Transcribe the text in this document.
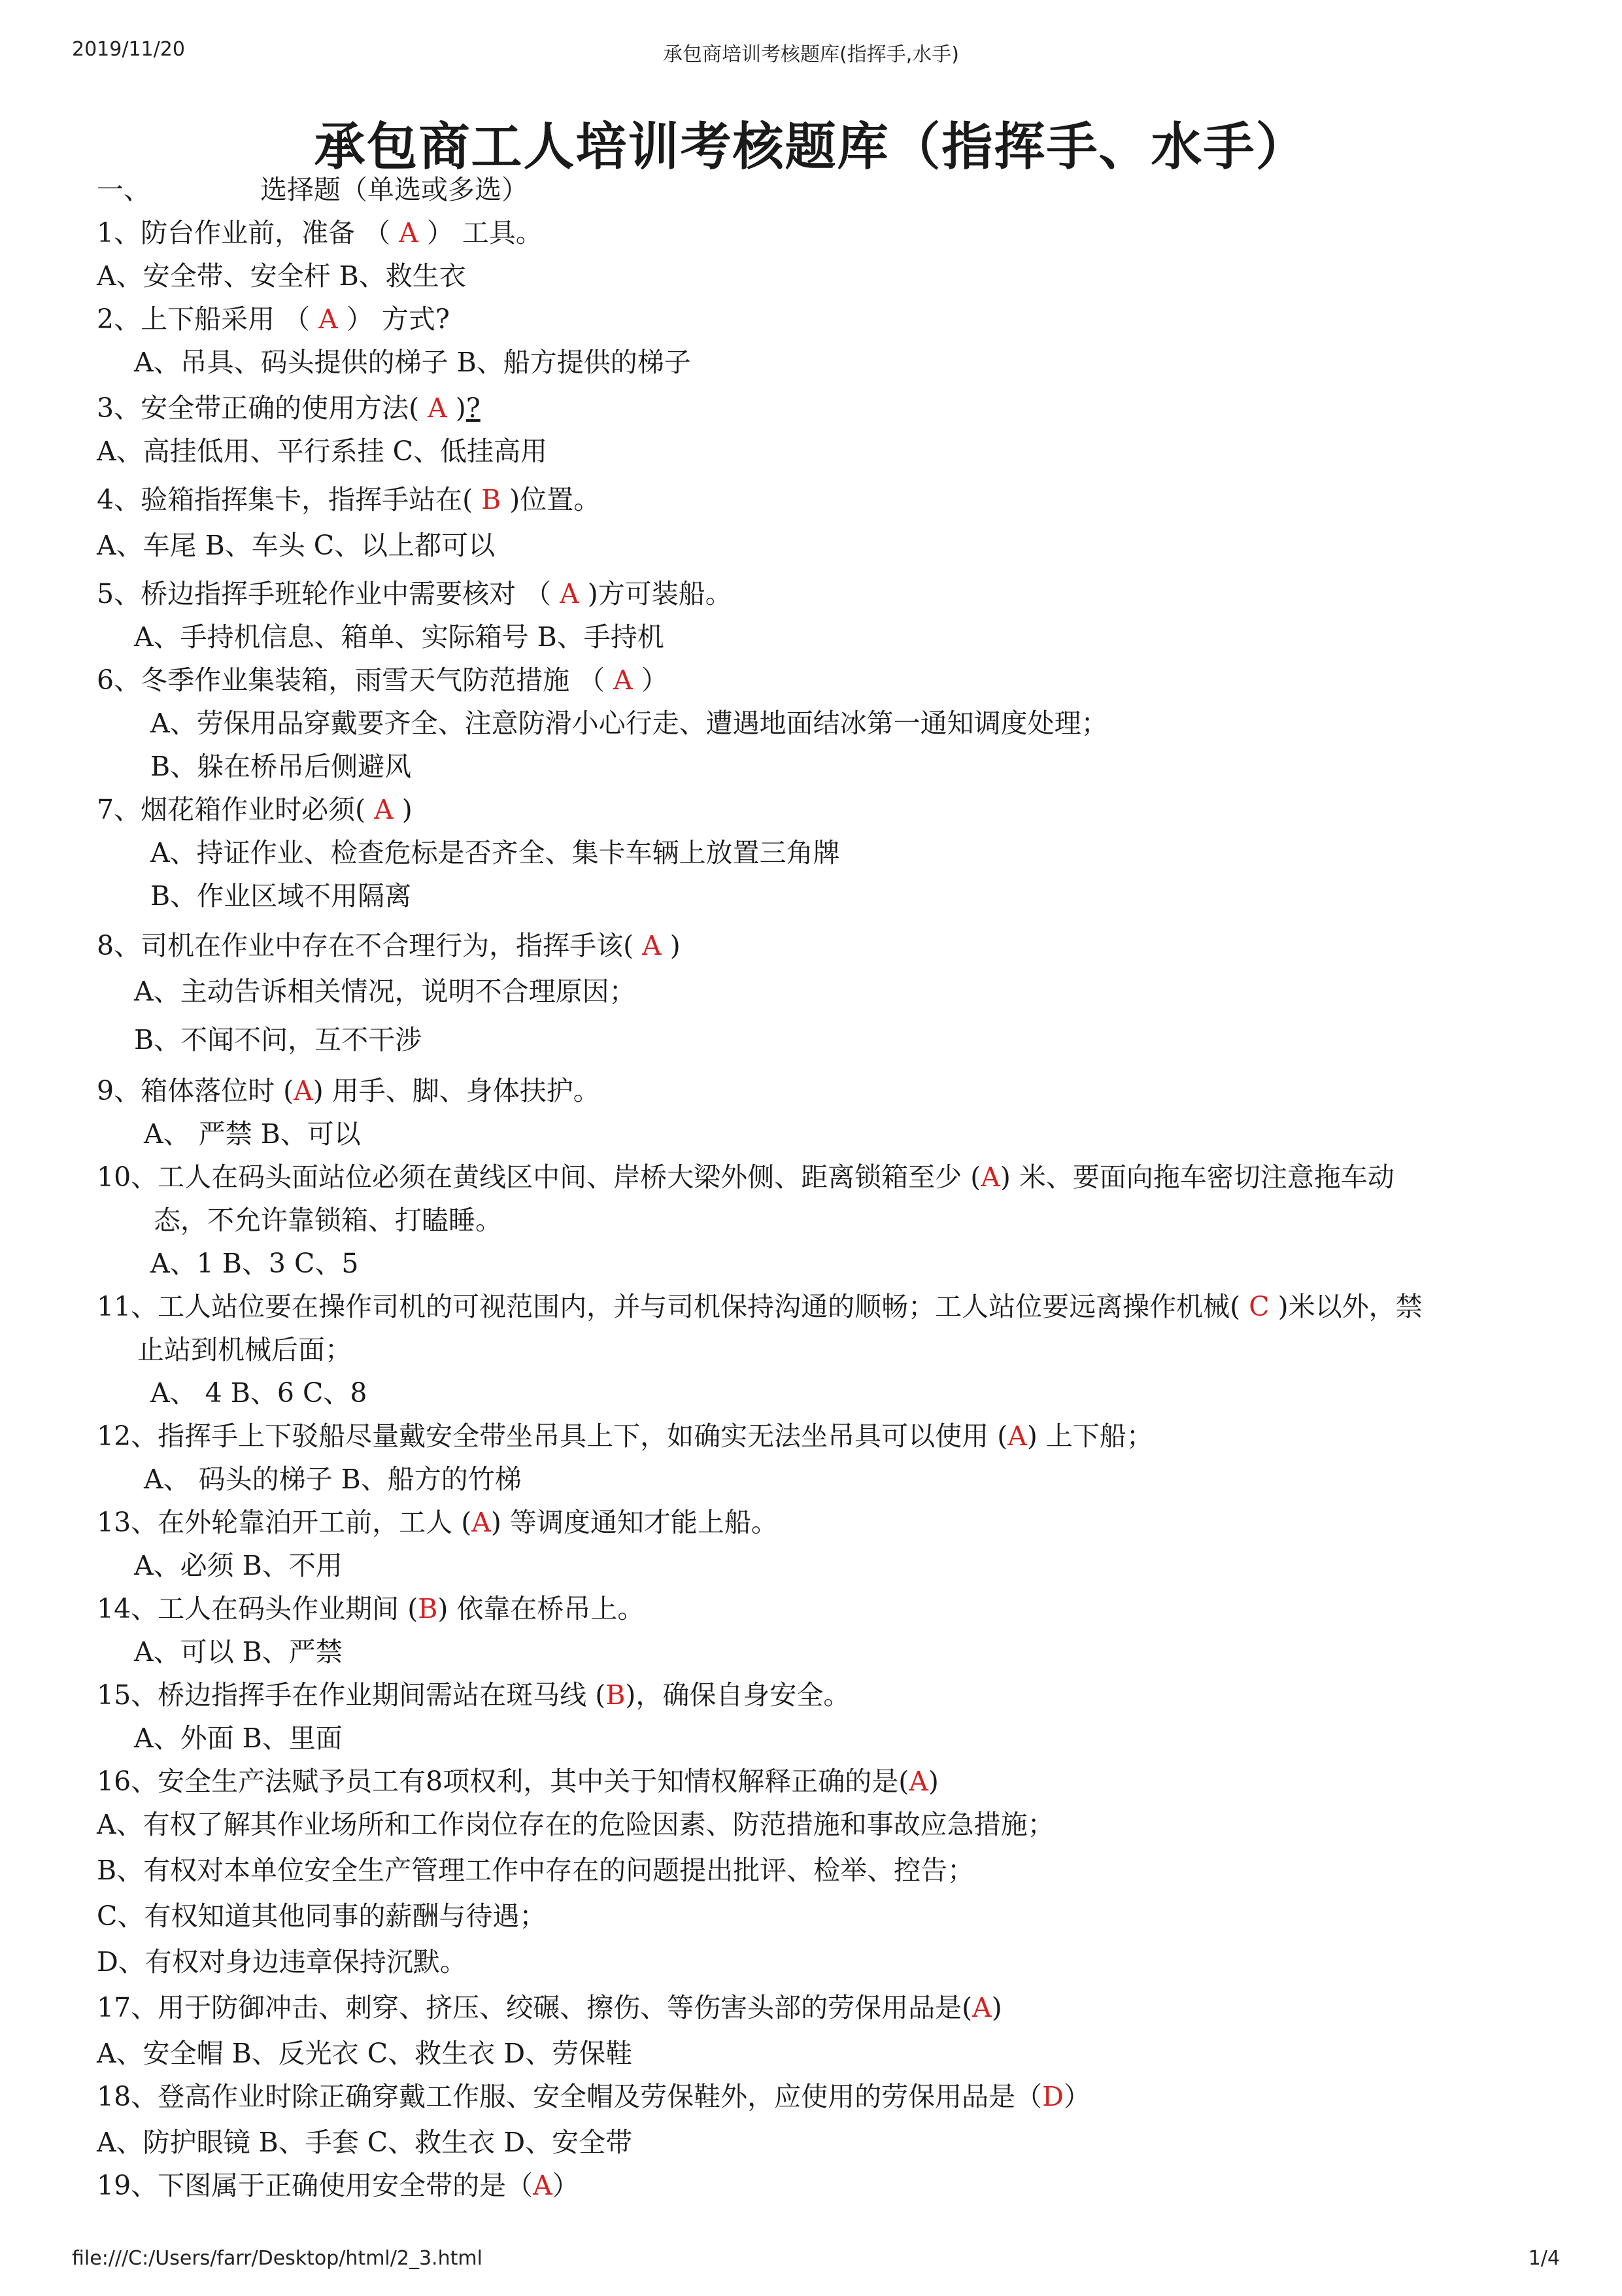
2019/11/20	承包商培训考核题库(指挥手,水手)
承包商工人培训考核题库（指挥手、水手）
一、	选择题（单选或多选）
1、防台作业前，准备 （ A ） 工具。
A、安全带、安全杆 B、救生衣
2、上下船采用 （ A ） 方式?
A、吊具、码头提供的梯子 B、船方提供的梯子
3、安全带正确的使用方法( A )?
A、高挂低用、平行系挂 C、低挂高用
4、验箱指挥集卡，指挥手站在( B )位置。
A、车尾 B、车头 C、以上都可以
5、桥边指挥手班轮作业中需要核对 （ A )方可装船。
A、手持机信息、箱单、实际箱号 B、手持机
6、冬季作业集装箱，雨雪天气防范措施 （ A ）
A、劳保用品穿戴要齐全、注意防滑小心行走、遭遇地面结冰第一通知调度处理；
B、躲在桥吊后侧避风
7、烟花箱作业时必须( A )
A、持证作业、检查危标是否齐全、集卡车辆上放置三角牌
B、作业区域不用隔离
8、司机在作业中存在不合理行为，指挥手该( A )
A、主动告诉相关情况，说明不合理原因；
B、不闻不问，互不干涉
9、箱体落位时 (A) 用手、脚、身体扶护。
A、 严禁 B、可以
10、工人在码头面站位必须在黄线区中间、岸桥大梁外侧、距离锁箱至少 (A) 米、要面向拖车密切注意拖车动
态，不允许靠锁箱、打瞌睡。
A、1 B、3 C、5
11、工人站位要在操作司机的可视范围内，并与司机保持沟通的顺畅；工人站位要远离操作机械( C )米以外，禁
止站到机械后面；
A、 4 B、6 C、8
12、指挥手上下驳船尽量戴安全带坐吊具上下，如确实无法坐吊具可以使用 (A) 上下船；
A、 码头的梯子 B、船方的竹梯
13、在外轮靠泊开工前，工人 (A) 等调度通知才能上船。
A、必须 B、不用
14、工人在码头作业期间 (B) 依靠在桥吊上。
A、可以 B、严禁
15、桥边指挥手在作业期间需站在斑马线 (B)，确保自身安全。
A、外面 B、里面
16、安全生产法赋予员工有8项权利，其中关于知情权解释正确的是(A)
A、有权了解其作业场所和工作岗位存在的危险因素、防范措施和事故应急措施；
B、有权对本单位安全生产管理工作中存在的问题提出批评、检举、控告；
C、有权知道其他同事的薪酬与待遇；
D、有权对身边违章保持沉默。
17、用于防御冲击、刺穿、挤压、绞碾、擦伤、等伤害头部的劳保用品是(A)
A、安全帽 B、反光衣 C、救生衣 D、劳保鞋
18、登高作业时除正确穿戴工作服、安全帽及劳保鞋外，应使用的劳保用品是（D）
A、防护眼镜 B、手套 C、救生衣 D、安全带
19、下图属于正确使用安全带的是（A）
file:///C:/Users/farr/Desktop/html/2_3.html	1/4
